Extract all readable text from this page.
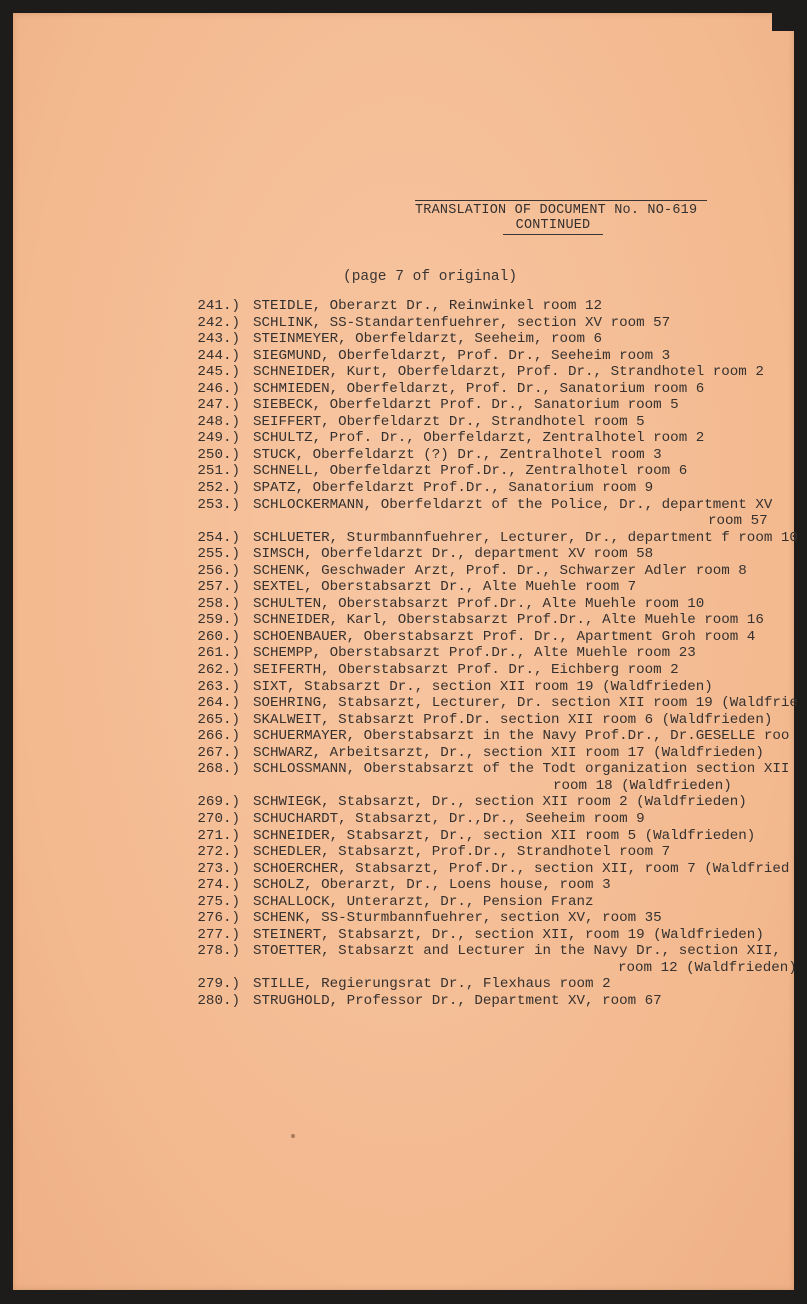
TRANSLATION OF DOCUMENT No. NO-619
CONTINUED
(page 7 of original)
241.) STEIDLE, Oberarzt Dr., Reinwinkel room 12
242.) SCHLINK, SS-Standartenfuehrer, section XV room 57
243.) STEINMEYER, Oberfeldarzt, Seeheim, room 6
244.) SIEGMUND, Oberfeldarzt, Prof. Dr., Seeheim room 3
245.) SCHNEIDER, Kurt, Oberfeldarzt, Prof. Dr., Strandhotel room 2
246.) SCHMIEDEN, Oberfeldarzt, Prof. Dr., Sanatorium room 6
247.) SIEBECK, Oberfeldarzt Prof. Dr., Sanatorium room 5
248.) SEIFFERT, Oberfeldarzt Dr., Strandhotel room 5
249.) SCHULTZ, Prof. Dr., Oberfeldarzt, Zentralhotel room 2
250.) STUCK, Oberfeldarzt (?) Dr., Zentralhotel room 3
251.) SCHNELL, Oberfeldarzt Prof.Dr., Zentralhotel room 6
252.) SPATZ, Oberfeldarzt Prof.Dr., Sanatorium room 9
253.) SCHLOCKERMANN, Oberfeldarzt of the Police, Dr., department XV
room 57
254.) SCHLUETER, Sturmbannfuehrer, Lecturer, Dr., department f room 10
255.) SIMSCH, Oberfeldarzt Dr., department XV room 58
256.) SCHENK, Geschwader Arzt, Prof. Dr., Schwarzer Adler room 8
257.) SEXTEL, Oberstabsarzt Dr., Alte Muehle room 7
258.) SCHULTEN, Oberstabsarzt Prof.Dr., Alte Muehle room 10
259.) SCHNEIDER, Karl, Oberstabsarzt Prof.Dr., Alte Muehle room 16
260.) SCHOENBAUER, Oberstabsarzt Prof. Dr., Apartment Groh room 4
261.) SCHEMPP, Oberstabsarzt Prof.Dr., Alte Muehle room 23
262.) SEIFERTH, Oberstabsarzt Prof. Dr., Eichberg room 2
263.) SIXT, Stabsarzt Dr., section XII room 19 (Waldfrieden)
264.) SOEHRING, Stabsarzt, Lecturer, Dr. section XII room 19 (Waldfrie
265.) SKALWEIT, Stabsarzt Prof.Dr. section XII room 6 (Waldfrieden)
266.) SCHUERMAYER, Oberstabsarzt in the Navy Prof.Dr., Dr.GESELLE roo
267.) SCHWARZ, Arbeitsarzt, Dr., section XII room 17 (Waldfrieden)
268.) SCHLOSSMANN, Oberstabsarzt of the Todt organization section XII
room 18 (Waldfrieden)
269.) SCHWIEGK, Stabsarzt, Dr., section XII room 2 (Waldfrieden)
270.) SCHUCHARDT, Stabsarzt, Dr.,Dr., Seeheim room 9
271.) SCHNEIDER, Stabsarzt, Dr., section XII room 5 (Waldfrieden)
272.) SCHEDLER, Stabsarzt, Prof.Dr., Strandhotel room 7
273.) SCHOERCHER, Stabsarzt, Prof.Dr., section XII, room 7 (Waldfried
274.) SCHOLZ, Oberarzt, Dr., Loens house, room 3
275.) SCHALLOCK, Unterarzt, Dr., Pension Franz
276.) SCHENK, SS-Sturmbannfuehrer, section XV, room 35
277.) STEINERT, Stabsarzt, Dr., section XII, room 19 (Waldfrieden)
278.) STOETTER, Stabsarzt and Lecturer in the Navy Dr., section XII,
room 12 (Waldfrieden)
279.) STILLE, Regierungsrat Dr., Flexhaus room 2
280.) STRUGHOLD, Professor Dr., Department XV, room 67
